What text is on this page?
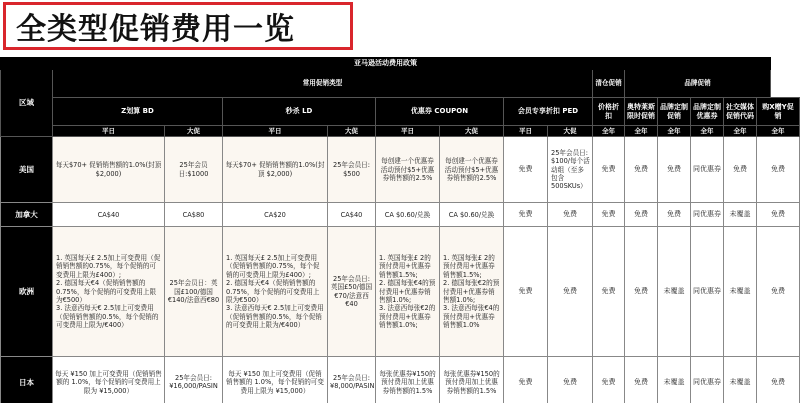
全类型促销费用一览
亚马逊活动费用政策														
区域	常用促销类型								清仓促销	品牌促销				
	Z划算 BD		秒杀 LD		优惠券 COUPON		会员专享折扣 PED		价格折扣	奥特莱斯限时促销	品牌定制促销	品牌定制优惠券	社交媒体促销代码	购X赠Y促销
	平日	大促	平日	大促	平日	大促	平日	大促	全年	全年	全年	全年	全年	全年
美国	每天$70+ 促销销售额的1.0%(封顶 $2,000)	25年会员日:$1000	每天$70+ 促销销售额的1.0%(封顶 $2,000)	25年会员日: $500	每创建一个优惠券活动预付$5+优惠券销售额的2.5%	每创建一个优惠券活动预付$5+优惠券销售额的2.5%	免费	25年会员日: $100/每个活动组（至多包含500SKUs）	免费	免费	免费	同优惠券	免费	免费
加拿大	CA$40	CA$80	CA$20	CA$40	CA $0.60/兑换	CA $0.60/兑换	免费	免费	免费	免费	免费	同优惠券	未覆盖	免费
欧洲	1. 英国每天£ 2.5加上可变费用（促销销售额的0.75%，每个促销的可变费用上限为£400）;
2. 德国每天€4（促销销售额的0.75%，每个促销的可变费用上限为€500）
3. 法意西每天€ 2.5加上可变费用（促销销售额的0.5%，每个促销的可变费用上限为/€400）	25年会员日：英国£100/德国€140/法意西€80	1. 英国每天£ 2.5加上可变费用（促销销售额的0.75%，每个促销的可变费用上限为£400）;
2. 德国每天€4（促销销售额的0.75%，每个促销的可变费用上限为€500）
3. 法意西每天€ 2.5加上可变费用（促销销售额的0.5%，每个促销的可变费用上限为/€400）	25年会员日:英国£50/德国€70/法意西€40	1. 英国每张£ 2的预付费用+优惠券销售额1.5%;
2. 德国每张€4的预付费用+优惠券销售额1.0%;
3. 法意西每张€2的预付费用+优惠券销售额1.0%;	1. 英国每张£ 2的预付费用+优惠券销售额1.5%;
2. 德国每张€2的预付费用+优惠券销售额1.0%;
3. 法意西每张€4的预付费用+优惠券销售额1.0%	免费	免费	免费	免费	未覆盖	同优惠券	未覆盖	免费
日本	每天 ¥150 加上可变费用（促销销售额的 1.0%，每个促销的可变费用上限为 ¥15,000）	25年会员日: ¥16,000/PASIN	每天 ¥150 加上可变费用（促销销售额的 1.0%，每个促销的可变费用上限为 ¥15,000）	25年会员日: ¥8,000/PASIN	每张优惠券¥150的预付费用加上优惠券销售额的1.5%	每张优惠券¥150的预付费用加上优惠券销售额的1.5%	免费	免费	免费	免费	未覆盖	同优惠券	未覆盖	免费
